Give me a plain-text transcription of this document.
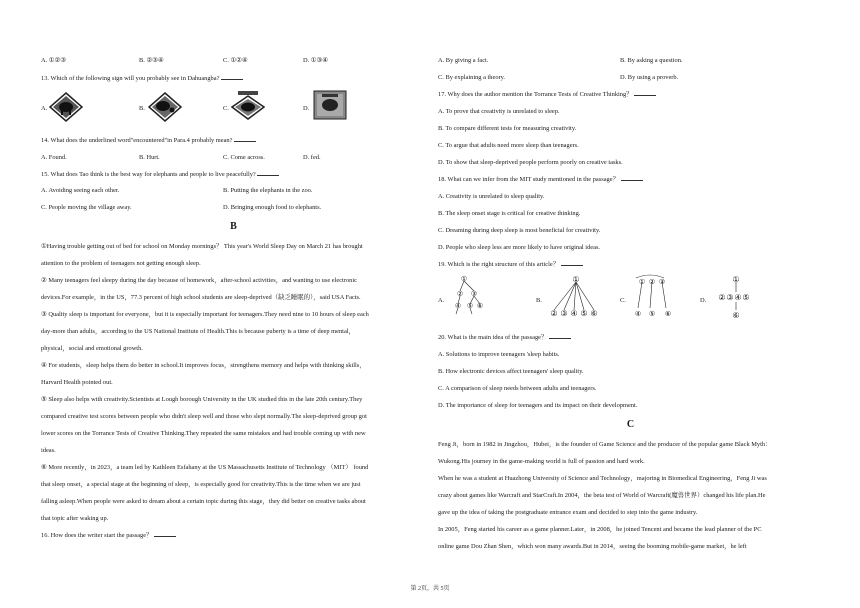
A. ①②③	B. ②③④	C. ①②④	D. ①③④
13. Which of the following sign will you probably see in Dahuangba?
A.	B.	C.	D.
14. What does the underlined word"encountered"in Para.4 probably mean?
A. Found.	B. Hurt.	C. Come across.	D. fed.
15. What does Tao think is the best way for elephants and people to live peacefully?
A. Avoiding seeing each other.	B. Putting the elephants in the zoo.
C. People moving the village away.	D. Bringing enough food to elephants.
B
①Having trouble getting out of bed for school on Monday mornings？ This year's World Sleep Day on March 21 has brought
attention to the problem of teenagers not getting enough sleep.
② Many teenagers feel sleepy during the day because of homework，after-school activities，and wanting to use electronic
devices.For example，in the US，77.3 percent of high school students are sleep-deprived（缺乏睡眠的），said USA Facts.
③ Quality sleep is important for everyone，but it is especially important for teenagers.They need nine to 10 hours of sleep each
day-more than adults，according to the US National Institute of Health.This is because puberty is a time of deep mental，
physical，social and emotional growth.
④ For students，sleep helps them do better in school.It improves focus，strengthens memory and helps with thinking skills，
Harvard Health pointed out.
⑤ Sleep also helps with creativity.Scientists at Lough borough University in the UK studied this in the late 20th century.They
compared creative test scores between people who didn't sleep well and those who slept normally.The sleep-deprived group got
lower scores on the Torrance Tests of Creative Thinking.They repeated the same mistakes and had trouble coming up with new
ideas.
⑥ More recently，in 2023，a team led by Kathleen Esfahany at the US Massachusetts Institute of Technology （MIT） found
that sleep onset，a special stage at the beginning of sleep，is especially good for creativity.This is the time when we are just
falling asleep.When people were asked to dream about a certain topic during this stage，they did better on creative tasks about
that topic after waking up.
16. How does the writer start the passage？
A. By giving a fact.	B. By asking a question.
C. By explaining a theory.	D. By using a proverb.
17. Why does the author mention the Torrance Tests of Creative Thinking？
A. To prove that creativity is unrelated to sleep.
B. To compare different tests for measuring creativity.
C. To argue that adults need more sleep than teenagers.
D. To show that sleep-deprived people perform poorly on creative tasks.
18. What can we infer from the MIT study mentioned in the passage？
A. Creativity is unrelated to sleep quality.
B. The sleep onset stage is critical for creative thinking.
C. Dreaming during deep sleep is most beneficial for creativity.
D. People who sleep less are more likely to have original ideas.
19. Which is the right structure of this article？
A.
①
② ③
④ ⑤ ⑥
B.
①
② ③ ④ ⑤ ⑥
C.
① ② ③
④ ⑤ ⑥
D.
①
② ③ ④ ⑤
⑥
20. What is the main idea of the passage？
A. Solutions to improve teenagers 'sleep habits.
B. How electronic devices affect teenagers' sleep quality.
C. A comparison of sleep needs between adults and teenagers.
D. The importance of sleep for teenagers and its impact on their development.
C
Feng Ji，born in 1982 in Jingzhou，Hubei，is the founder of Game Science and the producer of the popular game Black Myth：
Wukong.His journey in the game-making world is full of passion and hard work.
When he was a student at Huazhong University of Science and Technology，majoring in Biomedical Engineering，Feng Ji was
crazy about games like Warcraft and StarCraft.In 2004，the beta test of World of Warcraft(魔兽世界）changed his life plan.He
gave up the idea of taking the postgraduate entrance exam and decided to step into the game industry.
In 2005，Feng started his career as a game planner.Later，in 2008，he joined Tencent and became the lead planner of the PC
online game Dou Zhan Shen，which won many awards.But in 2014，seeing the booming mobile-game market，he left
第 2页，共 5页
